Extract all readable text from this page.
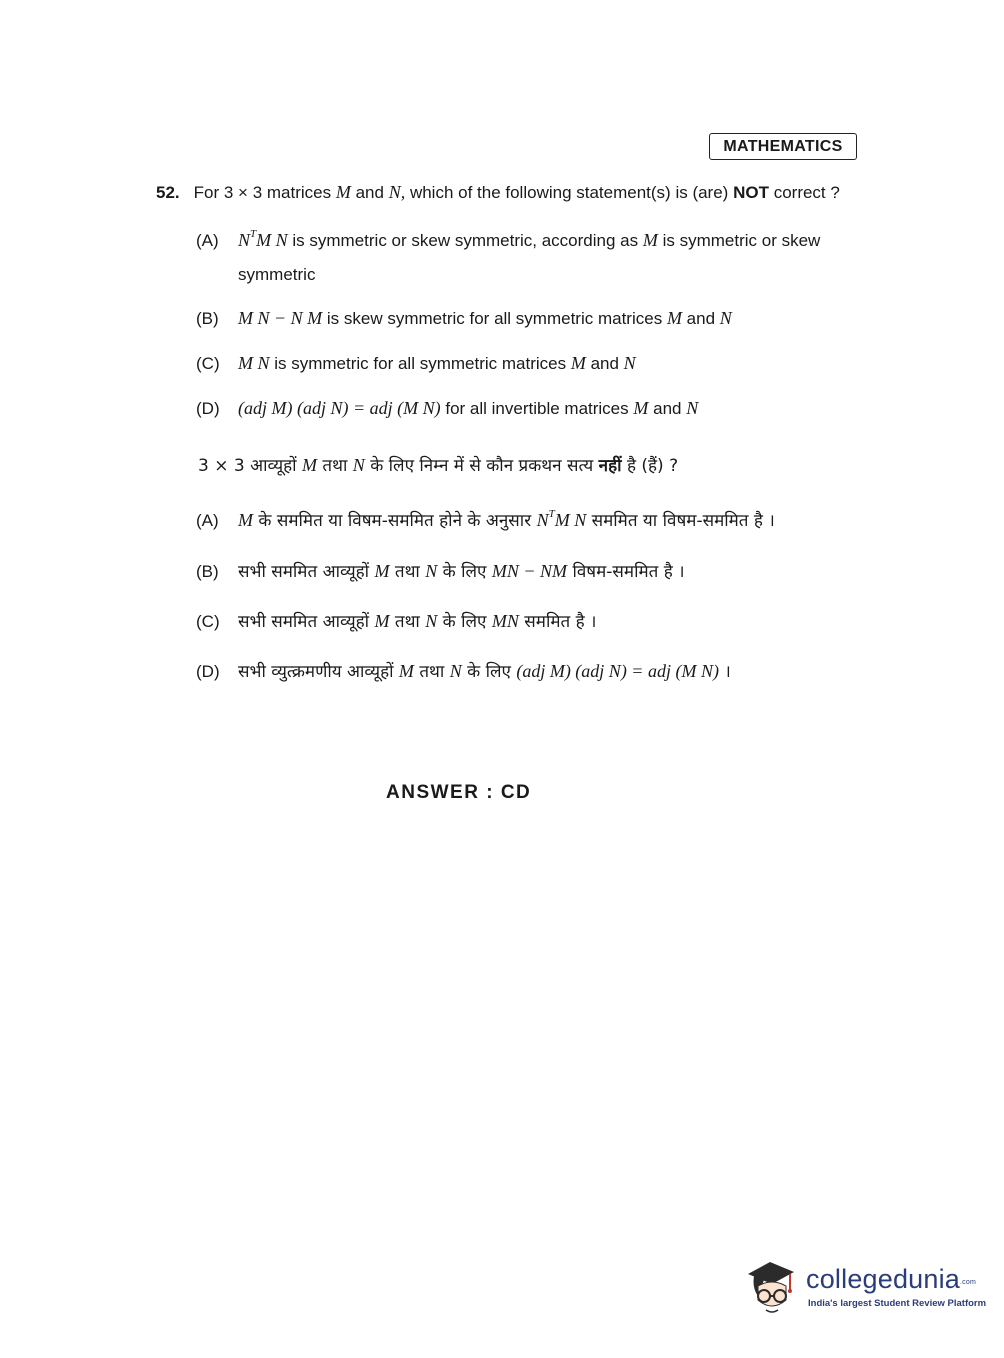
MATHEMATICS
52. For 3 × 3 matrices M and N, which of the following statement(s) is (are) NOT correct ?
(A) $N^TM$ N is symmetric or skew symmetric, according as M is symmetric or skew
symmetric
(B) M N − N M is skew symmetric for all symmetric matrices M and N
(C) M N is symmetric for all symmetric matrices M and N
(D) (adj M) (adj N) = adj (M N) for all invertible matrices M and N
3 × 3 आव्यूहों M तथा N के लिए निम्न में से कौन प्रकथन सत्य नहीं है (हैं) ?
(A) M के सममित या विषम-सममित होने के अनुसार $N^TM$ N सममित या विषम-सममित है ।
(B) सभी सममित आव्यूहों M तथा N के लिए MN − NM विषम-सममित है ।
(C) सभी सममित आव्यूहों M तथा N के लिए MN सममित है ।
(D) सभी व्युत्क्रमणीय आव्यूहों M तथा N के लिए (adj M) (adj N) = adj (M N) ।
ANSWER : CD
collegedunia.com
India's largest Student Review Platform
